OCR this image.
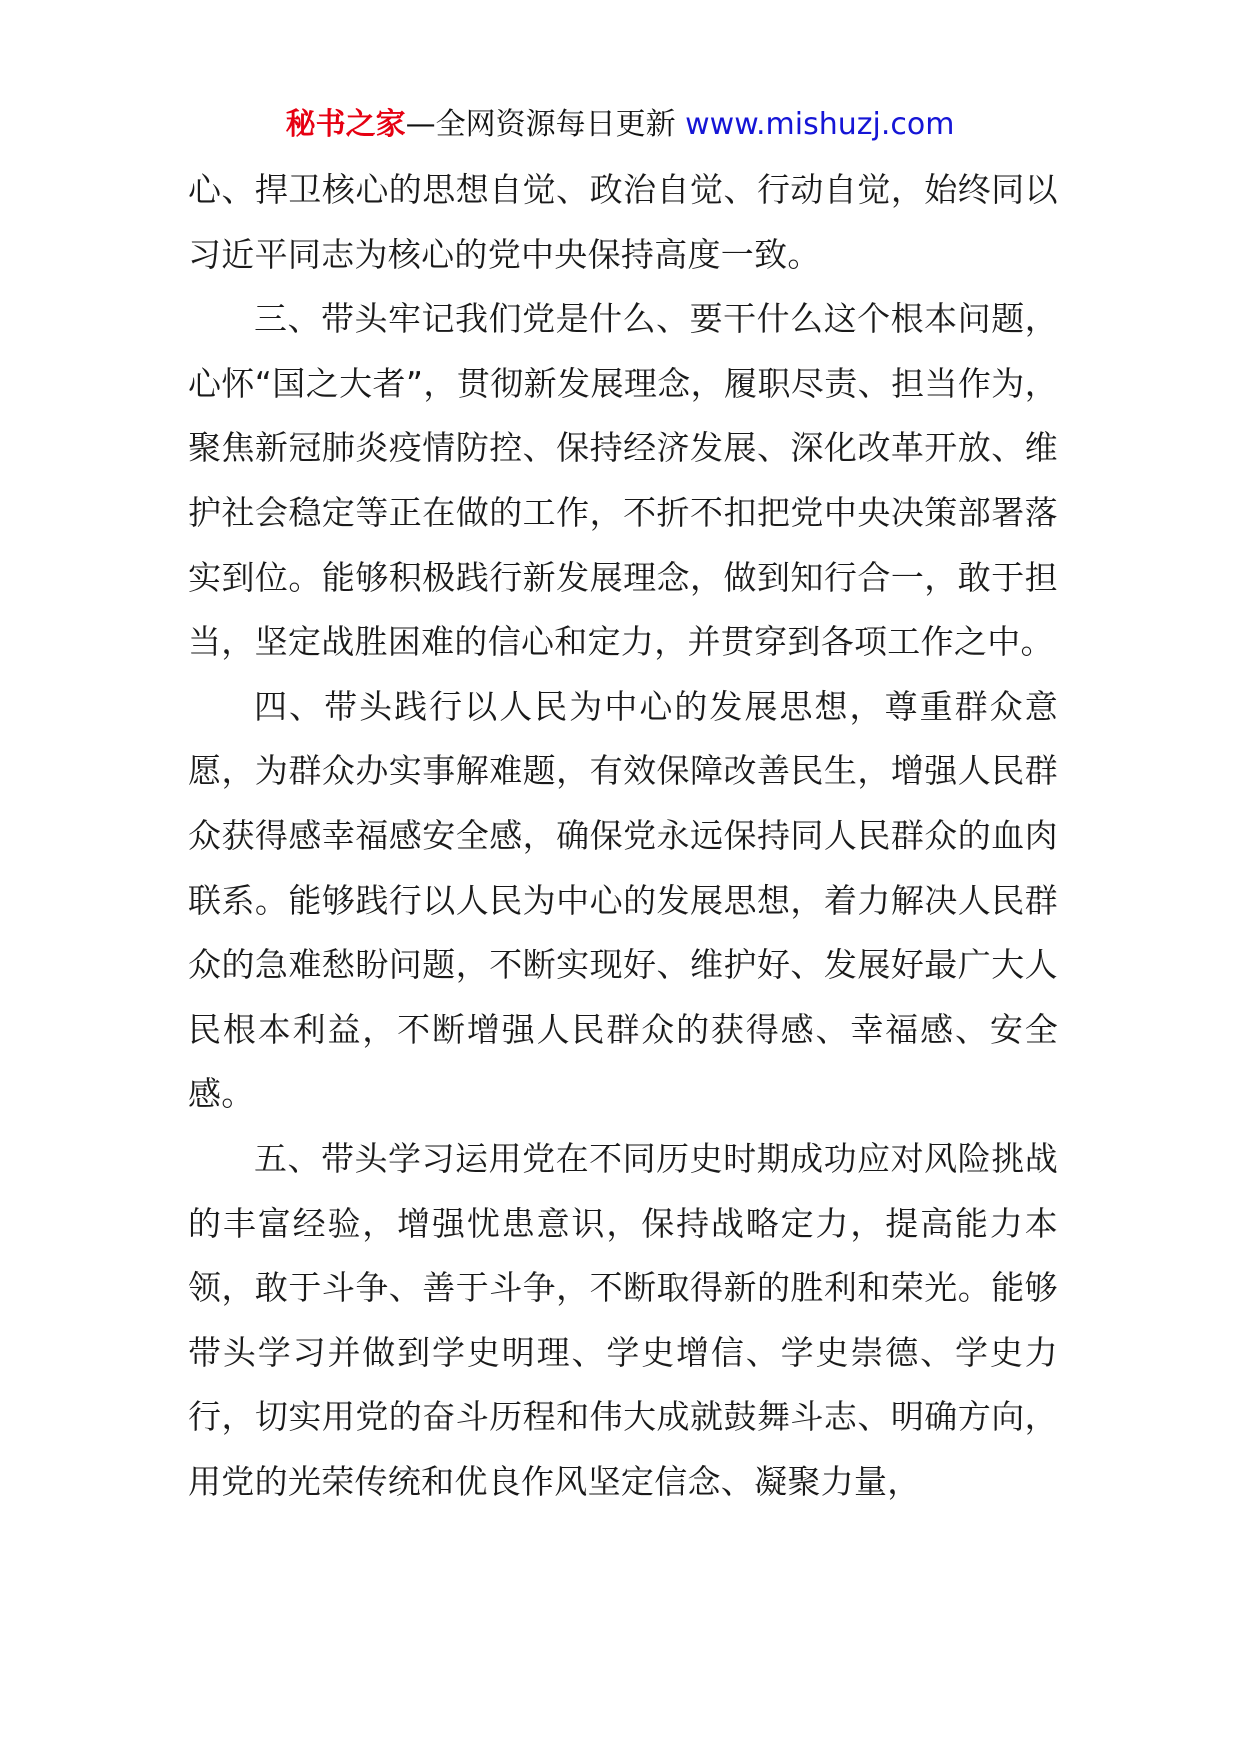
秘书之家—全网资源每日更新 www.mishuzj.com

心、捍卫核心的思想自觉、政治自觉、行动自觉，始终同以习近平同志为核心的党中央保持高度一致。

三、带头牢记我们党是什么、要干什么这个根本问题，心怀“国之大者”，贯彻新发展理念，履职尽责、担当作为，聚焦新冠肺炎疫情防控、保持经济发展、深化改革开放、维护社会稳定等正在做的工作，不折不扣把党中央决策部署落实到位。能够积极践行新发展理念，做到知行合一，敢于担当，坚定战胜困难的信心和定力，并贯穿到各项工作之中。

四、带头践行以人民为中心的发展思想，尊重群众意愿，为群众办实事解难题，有效保障改善民生，增强人民群众获得感幸福感安全感，确保党永远保持同人民群众的血肉联系。能够践行以人民为中心的发展思想，着力解决人民群众的急难愁盼问题，不断实现好、维护好、发展好最广大人民根本利益，不断增强人民群众的获得感、幸福感、安全感。

五、带头学习运用党在不同历史时期成功应对风险挑战的丰富经验，增强忧患意识，保持战略定力，提高能力本领，敢于斗争、善于斗争，不断取得新的胜利和荣光。能够带头学习并做到学史明理、学史增信、学史崇德、学史力行，切实用党的奋斗历程和伟大成就鼓舞斗志、明确方向，用党的光荣传统和优良作风坚定信念、凝聚力量，
